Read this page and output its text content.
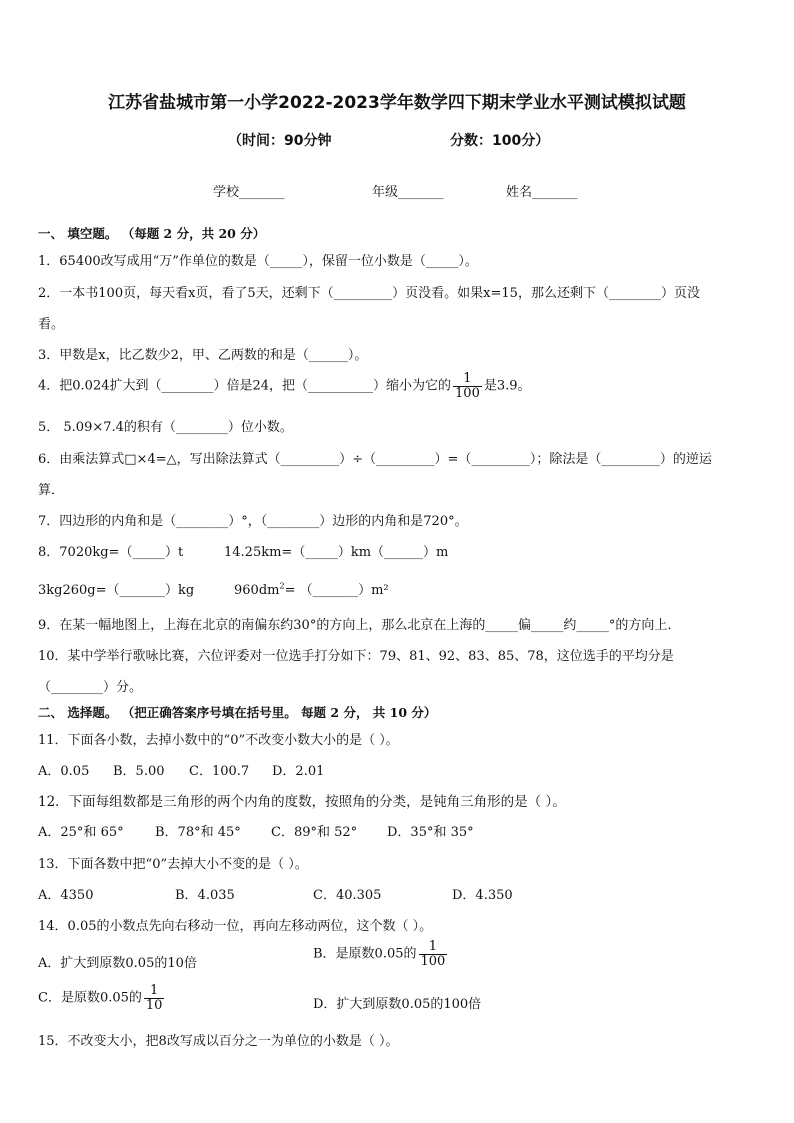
江苏省盐城市第一小学2022-2023学年数学四下期末学业水平测试模拟试题
（时间：90分钟	分数：100分）
学校_______	年级_______	姓名_______
一、 填空题。 （每题 2 分，共 20 分）
1．65400改写成用“万”作单位的数是（_____），保留一位小数是（_____）。
2．一本书100页，每天看x页，看了5天，还剩下（_________）页没看。如果x=15，那么还剩下（________）页没
看。
3．甲数是x，比乙数少2，甲、乙两数的和是（______）。
4．把0.024扩大到（________）倍是24，把（__________）缩小为它的 $\frac{1}{100}$ 是3.9。
5． 5.09×7.4的积有（________）位小数。
6．由乘法算式□×4=△，写出除法算式（_________）÷（_________）=（_________）；除法是（_________）的逆运
算．
7．四边形的内角和是（________）°，（________）边形的内角和是720°。
8．7020kg=（_____）t	14.25km=（_____）km（______）m
3kg260g=（_______）kg	$960dm^2=$ （_______）m²
9．在某一幅地图上，上海在北京的南偏东约30°的方向上，那么北京在上海的_____偏_____约_____°的方向上．
10．某中学举行歌咏比赛，六位评委对一位选手打分如下：79、81、92、83、85、78，这位选手的平均分是
（________）分。
二、 选择题。 （把正确答案序号填在括号里。 每题 2 分， 共 10 分）
11．下面各小数，去掉小数中的“0”不改变小数大小的是（ ）。
A．0.05 B．5.00 C．100.7 D．2.01
12．下面每组数都是三角形的两个内角的度数，按照角的分类，是钝角三角形的是（ ）。
A．25°和 65° B．78°和 45° C．89°和 52° D．35°和 35°
13．下面各数中把“0”去掉大小不变的是（ ）。
A．4350	B．4.035	C．40.305	D．4.350
14．0.05的小数点先向右移动一位，再向左移动两位，这个数（ ）。
A．扩大到原数0.05的10倍
B．是原数0.05的 $\frac{1}{100}$
C．是原数0.05的 $\frac{1}{10}$	D．扩大到原数0.05的100倍
15．不改变大小，把8改写成以百分之一为单位的小数是（ ）。
